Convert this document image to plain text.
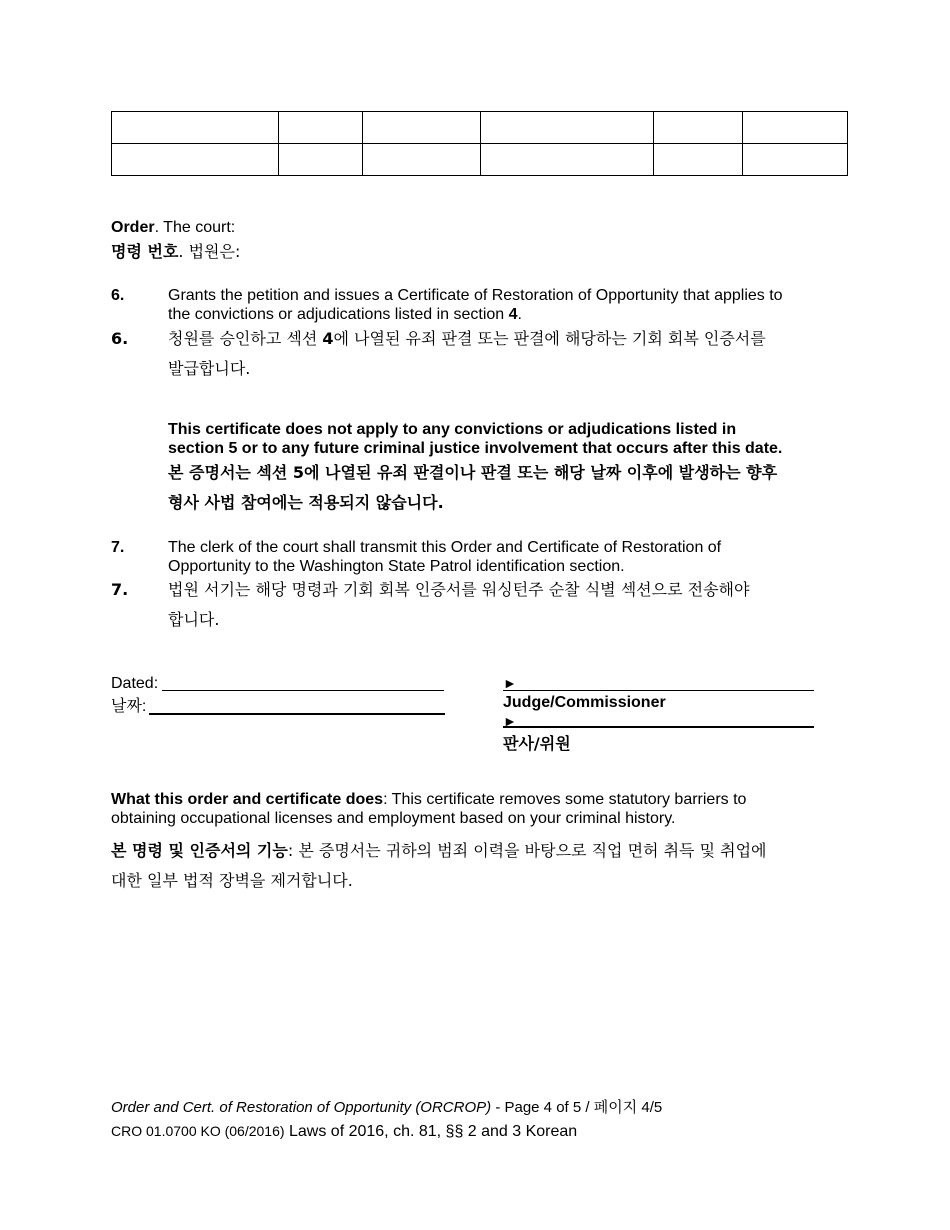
Order. The court:
명령 번호. 법원은:
6.	Grants the petition and issues a Certificate of Restoration of Opportunity that applies to
the convictions or adjudications listed in section 4.
6. 청원를 승인하고 섹션 4에 나열된 유죄 판결 또는 판결에 해당하는 기회 회복 인증서를
발급합니다.
This certificate does not apply to any convictions or adjudications listed in
section 5 or to any future criminal justice involvement that occurs after this date.
본 증명서는 섹션 5에 나열된 유죄 판결이나 판결 또는 해당 날짜 이후에 발생하는 향후
형사 사법 참여에는 적용되지 않습니다.
7.	The clerk of the court shall transmit this Order and Certificate of Restoration of
Opportunity to the Washington State Patrol identification section.
7. 법원 서기는 해당 명령과 기회 회복 인증서를 워싱턴주 순찰 식별 섹션으로 전송해야
합니다.
Dated:
날짜:
►
Judge/Commissioner
►
판사/위원
What this order and certificate does: This certificate removes some statutory barriers to
obtaining occupational licenses and employment based on your criminal history.
본 명령 및 인증서의 기능: 본 증명서는 귀하의 범죄 이력을 바탕으로 직업 면허 취득 및 취업에
대한 일부 법적 장벽을 제거합니다.
Order and Cert. of Restoration of Opportunity (ORCROP) - Page 4 of 5 / 페이지 4/5
CRO 01.0700 KO (06/2016) Laws of 2016, ch. 81, §§ 2 and 3 Korean
